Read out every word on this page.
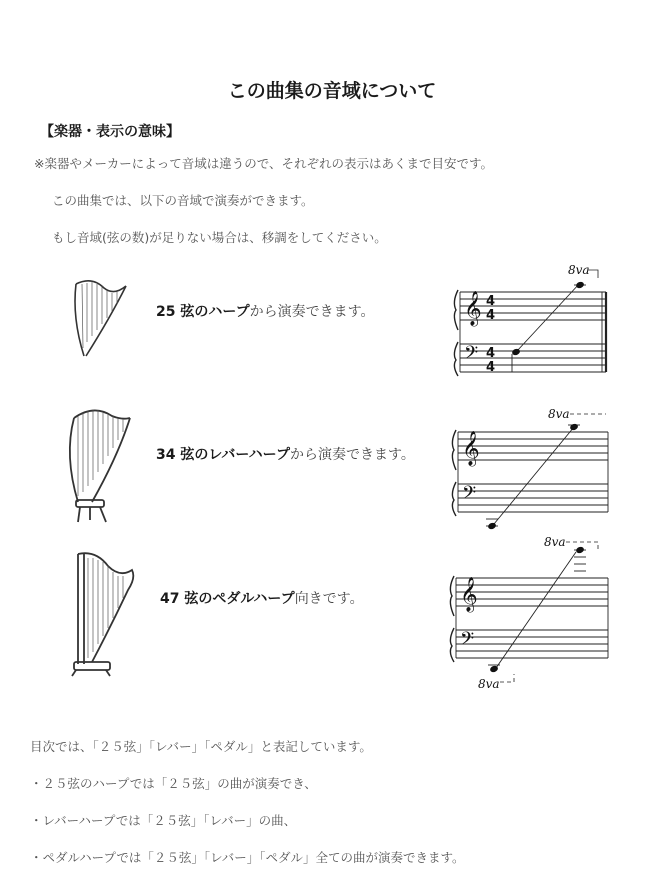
この曲集の音域について
【楽器・表示の意味】
※楽器やメーカーによって音域は違うので、それぞれの表示はあくまで目安です。
この曲集では、以下の音域で演奏ができます。
もし音域(弦の数)が足りない場合は、移調をしてください。
25 弦のハープから演奏できます。	𝄞
𝄢
4
4
4
4
8va
34 弦のレバーハープから演奏できます。 𝄞
𝄢
8va
47 弦のペダルハープ向きです。	𝄞
𝄢
8va
8va
目次では、「２５弦」「レバー」「ペダル」と表記しています。
・２５弦のハープでは「２５弦」の曲が演奏でき、
・レバーハープでは「２５弦」「レバー」の曲、
・ペダルハープでは「２５弦」「レバー」「ペダル」全ての曲が演奏できます。
